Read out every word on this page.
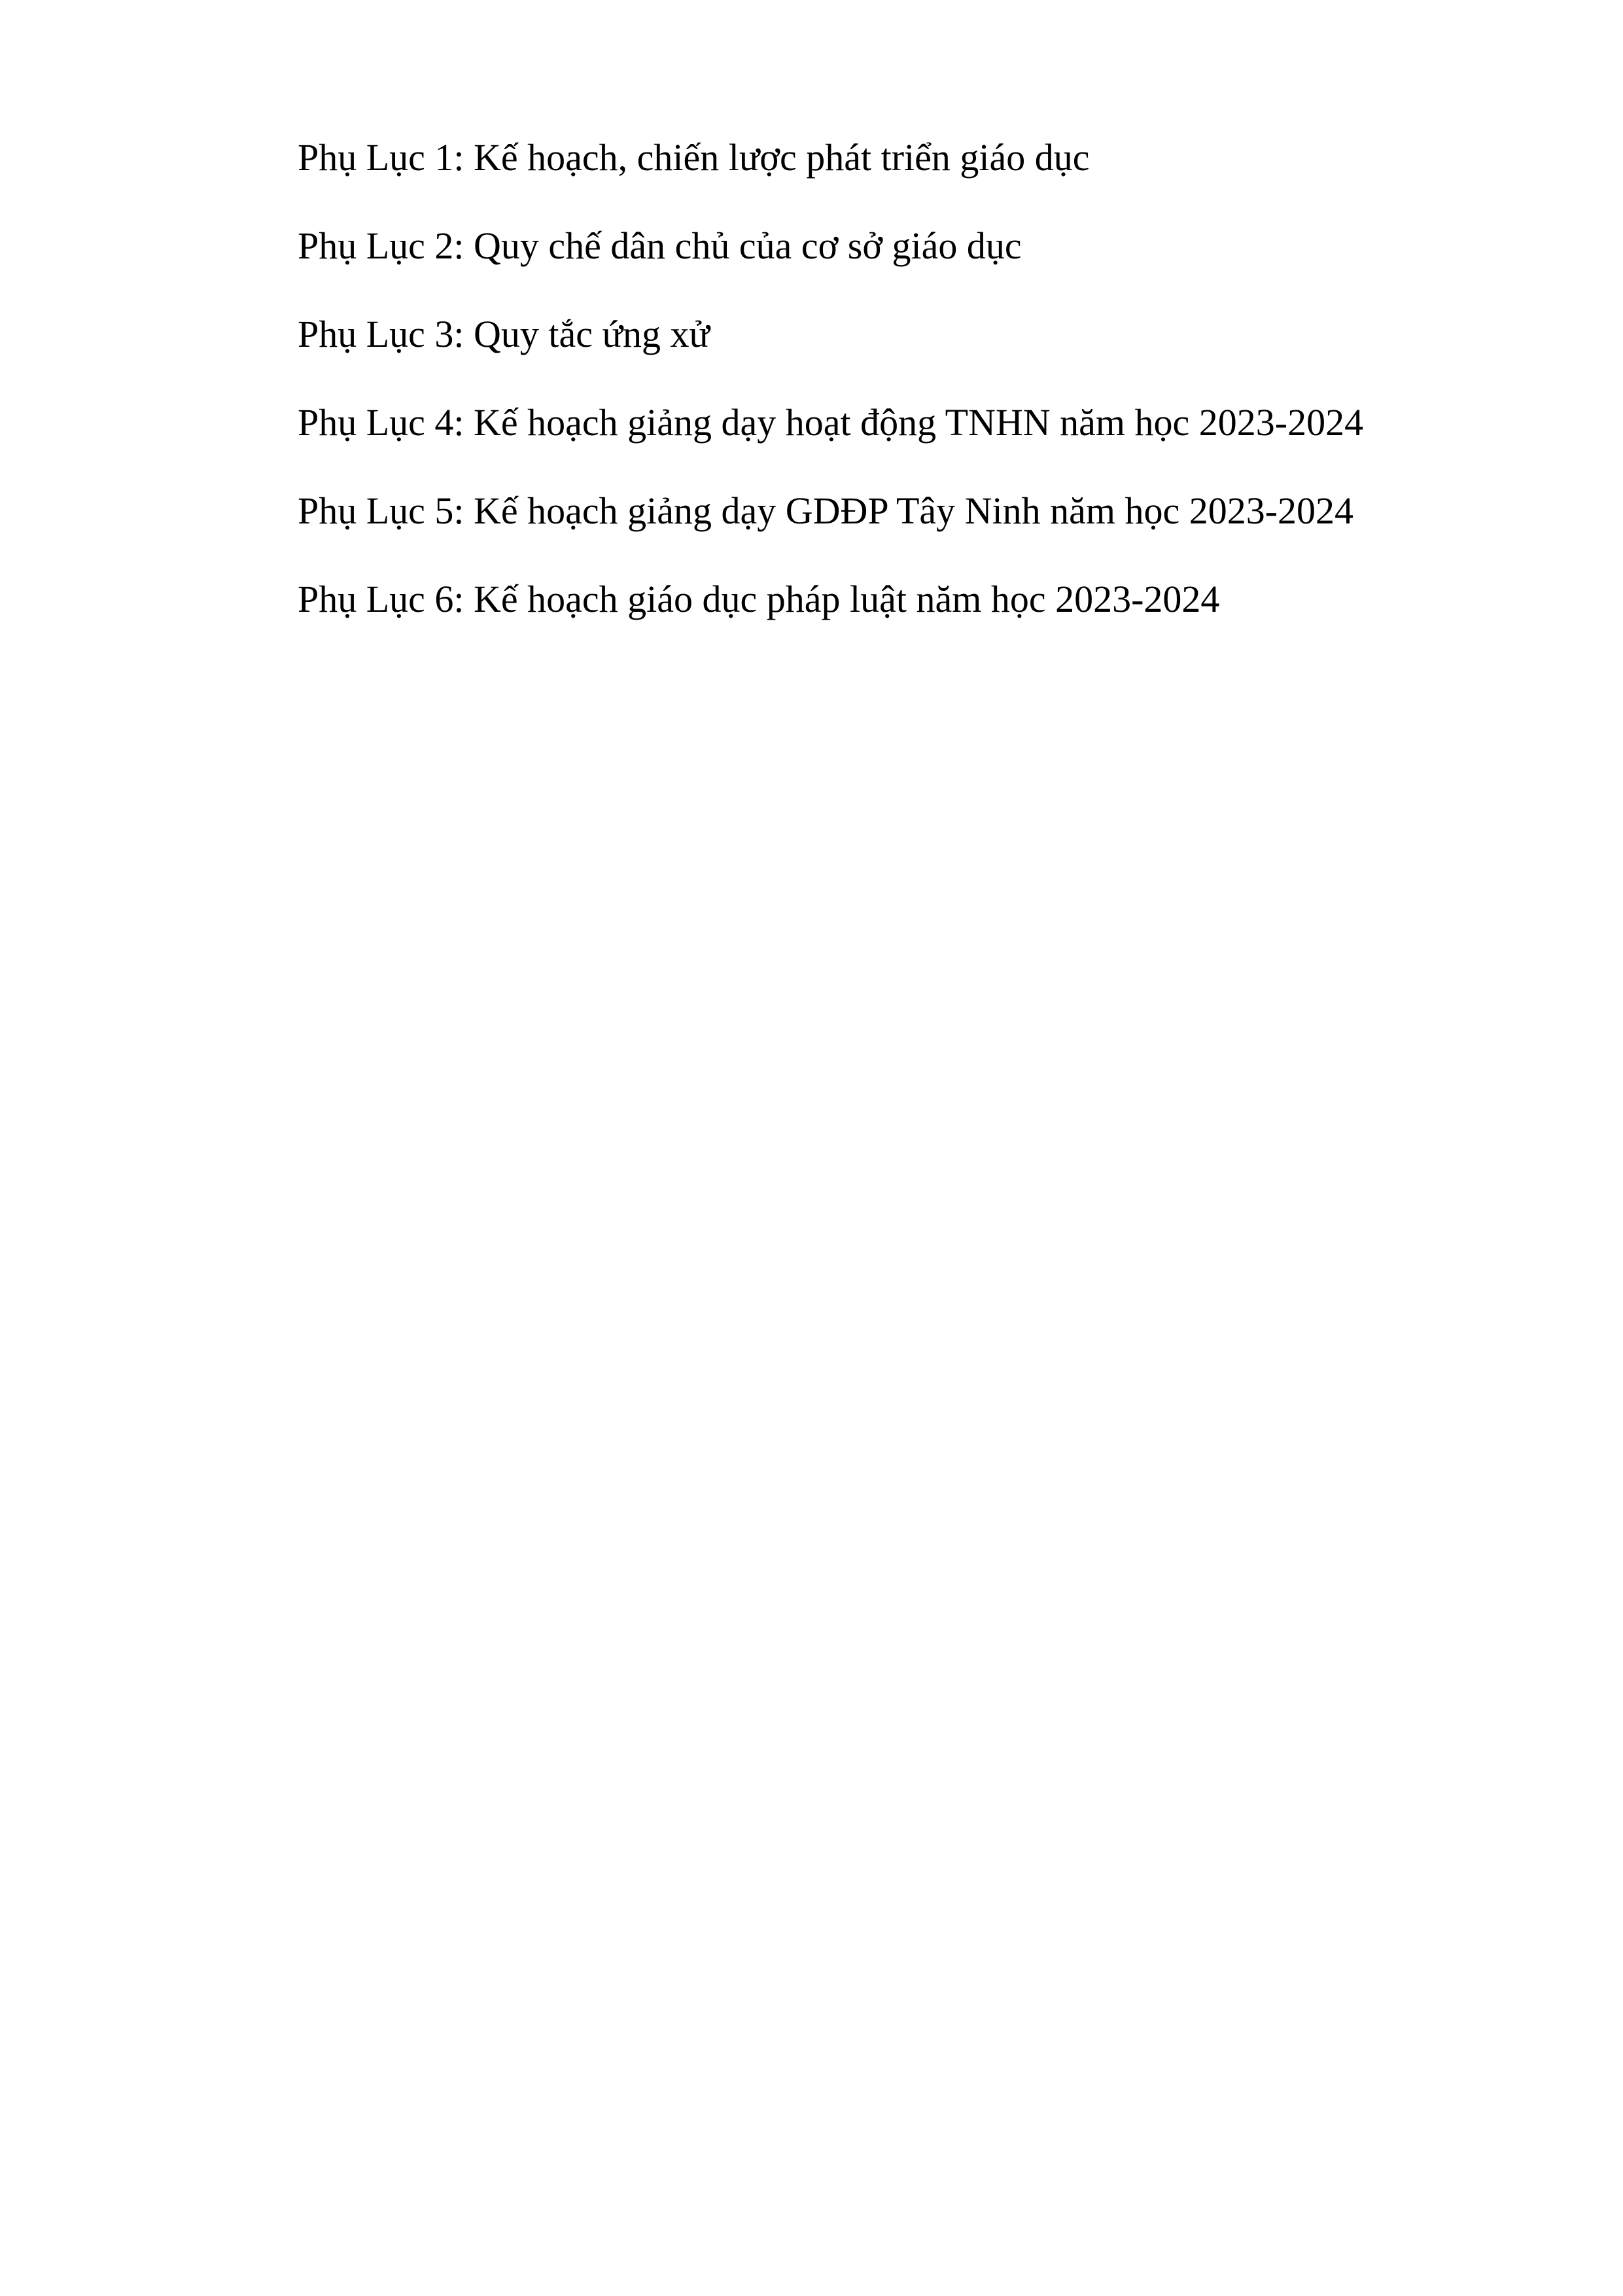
Phụ Lục 1: Kế hoạch, chiến lược phát triển giáo dục
Phụ Lục 2: Quy chế dân chủ của cơ sở giáo dục
Phụ Lục 3: Quy tắc ứng xử
Phụ Lục 4: Kế hoạch giảng dạy hoạt động TNHN năm học 2023-2024
Phụ Lục 5: Kế hoạch giảng dạy GDĐP Tây Ninh năm học 2023-2024
Phụ Lục 6: Kế hoạch giáo dục pháp luật năm học 2023-2024
